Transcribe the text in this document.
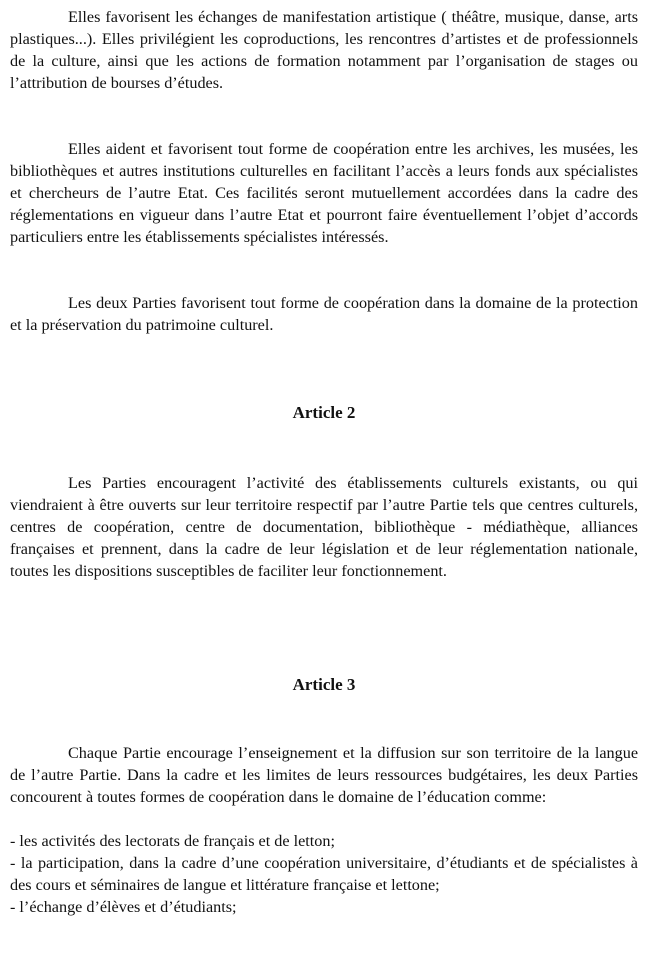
Elles favorisent les échanges de manifestation artistique ( théâtre, musique, danse, arts plastiques...). Elles privilégient les coproductions, les rencontres d’artistes et de professionnels de la culture, ainsi que les actions de formation notamment par l’organisation de stages ou l’attribution de bourses d’études.

Elles aident et favorisent tout forme de coopération entre les archives, les musées, les bibliothèques et autres institutions culturelles en facilitant l’accès a leurs fonds aux spécialistes et chercheurs de l’autre Etat. Ces facilités seront mutuellement accordées dans la cadre des réglementations en vigueur dans l’autre Etat et pourront faire éventuellement l’objet d’accords particuliers entre les établissements spécialistes intéressés.

Les deux Parties favorisent tout forme de coopération dans la domaine de la protection et la préservation du patrimoine culturel.

Article 2

Les Parties encouragent l’activité des établissements culturels existants, ou qui viendraient à être ouverts sur leur territoire respectif par l’autre Partie tels que centres culturels, centres de coopération, centre de documentation, bibliothèque - médiathèque, alliances françaises et prennent, dans la cadre de leur législation et de leur réglementation nationale, toutes les dispositions susceptibles de faciliter leur fonctionnement.

Article 3

Chaque Partie encourage l’enseignement et la diffusion sur son territoire de la langue de l’autre Partie. Dans la cadre et les limites de leurs ressources budgétaires, les deux Parties concourent à toutes formes de coopération dans le domaine de l’éducation comme:

- les activités des lectorats de français et de letton;
- la participation, dans la cadre d’une coopération universitaire, d’étudiants et de spécialistes à des cours et séminaires de langue et littérature française et lettone;
- l’échange d’élèves et d’étudiants;
